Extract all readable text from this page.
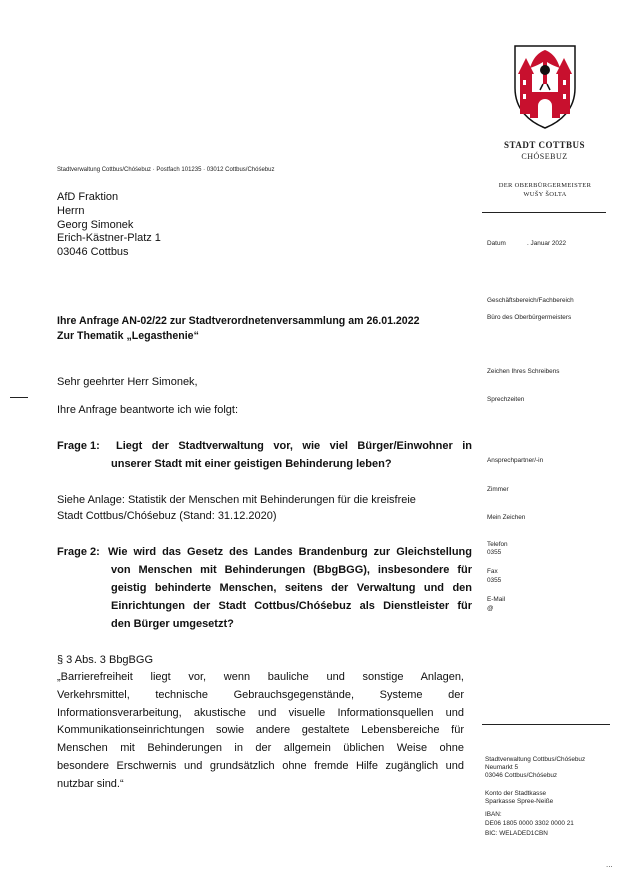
STADT COTTBUS
CHÓSEBUZ
DER OBERBÜRGERMEISTER
WUŠY ŠOLTA
Stadtverwaltung Cottbus/Chóśebuz · Postfach 101235 · 03012 Cottbus/Chóśebuz
AfD Fraktion
Herrn
Georg Simonek
Erich-Kästner-Platz 1
03046 Cottbus
Datum	. Januar 2022
Geschäftsbereich/Fachbereich
Büro des Oberbürgermeisters
Zeichen Ihres Schreibens
Sprechzeiten
Ansprechpartner/-in
Zimmer
Mein Zeichen
Telefon
0355
Fax
0355
E-Mail
@
Ihre Anfrage AN-02/22 zur Stadtverordnetenversammlung am 26.01.2022
Zur Thematik „Legasthenie“
Sehr geehrter Herr Simonek,
Ihre Anfrage beantworte ich wie folgt:
Frage 1: Liegt der Stadtverwaltung vor, wie viel Bürger/Einwohner in
unserer Stadt mit einer geistigen Behinderung leben?
Siehe Anlage: Statistik der Menschen mit Behinderungen für die kreisfreie
Stadt Cottbus/Chóśebuz (Stand: 31.12.2020)
Frage 2: Wie wird das Gesetz des Landes Brandenburg zur Gleichstellung
von Menschen mit Behinderungen (BbgBGG), insbesondere für
geistig behinderte Menschen, seitens der Verwaltung und den
Einrichtungen der Stadt Cottbus/Chóśebuz als Dienstleister für
den Bürger umgesetzt?
§ 3 Abs. 3 BbgBGG
„Barrierefreiheit liegt vor, wenn bauliche und sonstige Anlagen,
Verkehrsmittel, technische Gebrauchsgegenstände, Systeme der
Informationsverarbeitung, akustische und visuelle Informationsquellen und
Kommunikationseinrichtungen sowie andere gestaltete Lebensbereiche für
Menschen mit Behinderungen in der allgemein üblichen Weise ohne
besondere Erschwernis und grundsätzlich ohne fremde Hilfe zugänglich und
nutzbar sind.“
Stadtverwaltung Cottbus/Chóśebuz
Neumarkt 5
03046 Cottbus/Chóśebuz
Konto der Stadtkasse
Sparkasse Spree-Neiße
IBAN:
DE06 1805 0000 3302 0000 21
BIC: WELADED1CBN
...
